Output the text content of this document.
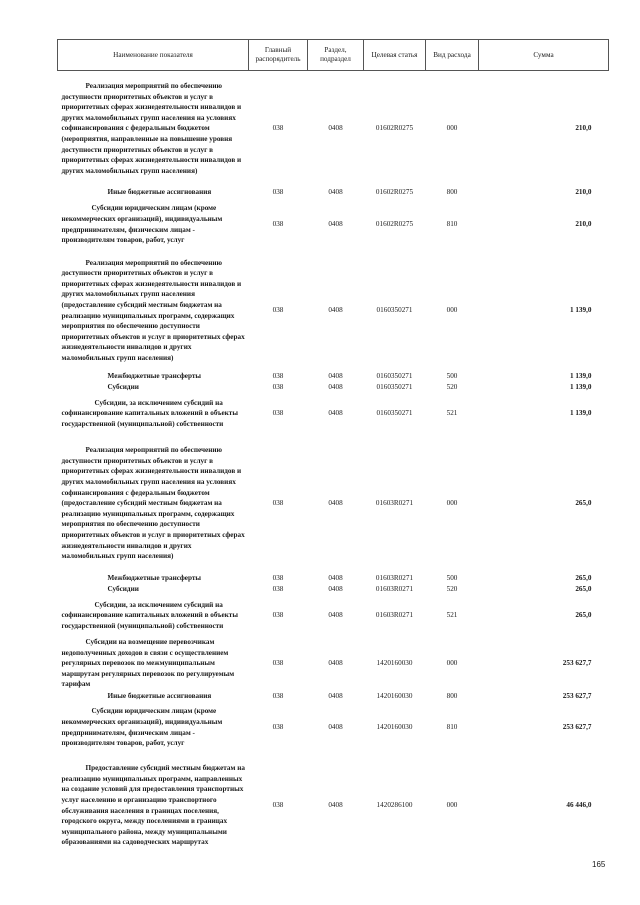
Наименование показателя	Главный распорядитель	Раздел, подраздел	Целевая статья	Вид расхода	Сумма

Реализация мероприятий по обеспечению доступности приоритетных объектов и услуг в приоритетных сферах жизнедеятельности инвалидов и других маломобильных групп населения на условиях софинансирования с федеральным бюджетом (мероприятия, направленные на повышение уровня доступности приоритетных объектов и услуг в приоритетных сферах жизнедеятельности инвалидов и других маломобильных групп населения)	038	0408	01602R0275	000	210,0

Иные бюджетные ассигнования	038	0408	01602R0275	800	210,0

Субсидии юридическим лицам (кроме некоммерческих организаций), индивидуальным предпринимателям, физическим лицам - производителям товаров, работ, услуг	038	0408	01602R0275	810	210,0

Реализация мероприятий по обеспечению доступности приоритетных объектов и услуг в приоритетных сферах жизнедеятельности инвалидов и других маломобильных групп населения (предоставление субсидий местным бюджетам на реализацию муниципальных программ, содержащих мероприятия по обеспечению доступности приоритетных объектов и услуг в приоритетных сферах жизнедеятельности инвалидов и других маломобильных групп населения)	038	0408	0160350271	000	1 139,0

Межбюджетные трансферты	038	0408	0160350271	500	1 139,0

Субсидии	038	0408	0160350271	520	1 139,0

Субсидии, за исключением субсидий на софинансирование капитальных вложений в объекты государственной (муниципальной) собственности	038	0408	0160350271	521	1 139,0

Реализация мероприятий по обеспечению доступности приоритетных объектов и услуг в приоритетных сферах жизнедеятельности инвалидов и других маломобильных групп населения на условиях софинансирования с федеральным бюджетом (предоставление субсидий местным бюджетам на реализацию муниципальных программ, содержащих мероприятия по обеспечению доступности приоритетных объектов и услуг в приоритетных сферах жизнедеятельности инвалидов и других маломобильных групп населения)	038	0408	01603R0271	000	265,0

Межбюджетные трансферты	038	0408	01603R0271	500	265,0

Субсидии	038	0408	01603R0271	520	265,0

Субсидии, за исключением субсидий на софинансирование капитальных вложений в объекты государственной (муниципальной) собственности	038	0408	01603R0271	521	265,0

Субсидии на возмещение перевозчикам недополученных доходов в связи с осуществлением регулярных перевозок по межмуниципальным маршрутам регулярных перевозок по регулируемым тарифам	038	0408	1420160030	000	253 627,7

Иные бюджетные ассигнования	038	0408	1420160030	800	253 627,7

Субсидии юридическим лицам (кроме некоммерческих организаций), индивидуальным предпринимателям, физическим лицам - производителям товаров, работ, услуг	038	0408	1420160030	810	253 627,7

Предоставление субсидий местным бюджетам на реализацию муниципальных программ, направленных на создание условий для предоставления транспортных услуг населению и организацию транспортного обслуживания населения в границах поселения, городского округа, между поселениями в границах муниципального района, между муниципальными образованиями на садоводческих маршрутах	038	0408	1420286100	000	46 446,0
165
